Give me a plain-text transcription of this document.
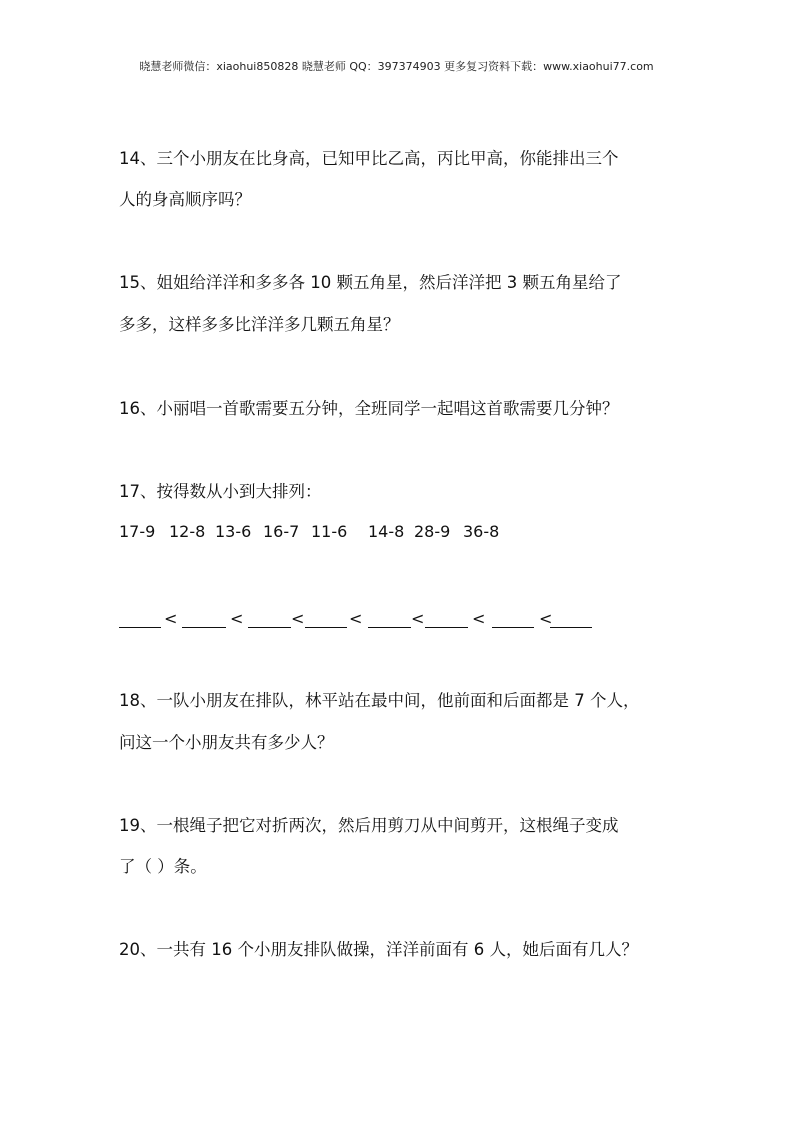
晓慧老师微信：xiaohui850828 晓慧老师 QQ：397374903 更多复习资料下载：www.xiaohui77.com
14、三个小朋友在比身高，已知甲比乙高，丙比甲高，你能排出三个
人的身高顺序吗？
15、姐姐给洋洋和多多各 10 颗五角星，然后洋洋把 3 颗五角星给了
多多，这样多多比洋洋多几颗五角星？
16、小丽唱一首歌需要五分钟，全班同学一起唱这首歌需要几分钟？
17、按得数从小到大排列：
17-9 12-8 13-6 16-7 11-6 14-8 28-9 36-8
<	<	<	<	<	<	<
18、一队小朋友在排队，林平站在最中间，他前面和后面都是 7 个人，
问这一个小朋友共有多少人？
19、一根绳子把它对折两次，然后用剪刀从中间剪开，这根绳子变成
了（ ）条。
20、一共有 16 个小朋友排队做操，洋洋前面有 6 人，她后面有几人？
